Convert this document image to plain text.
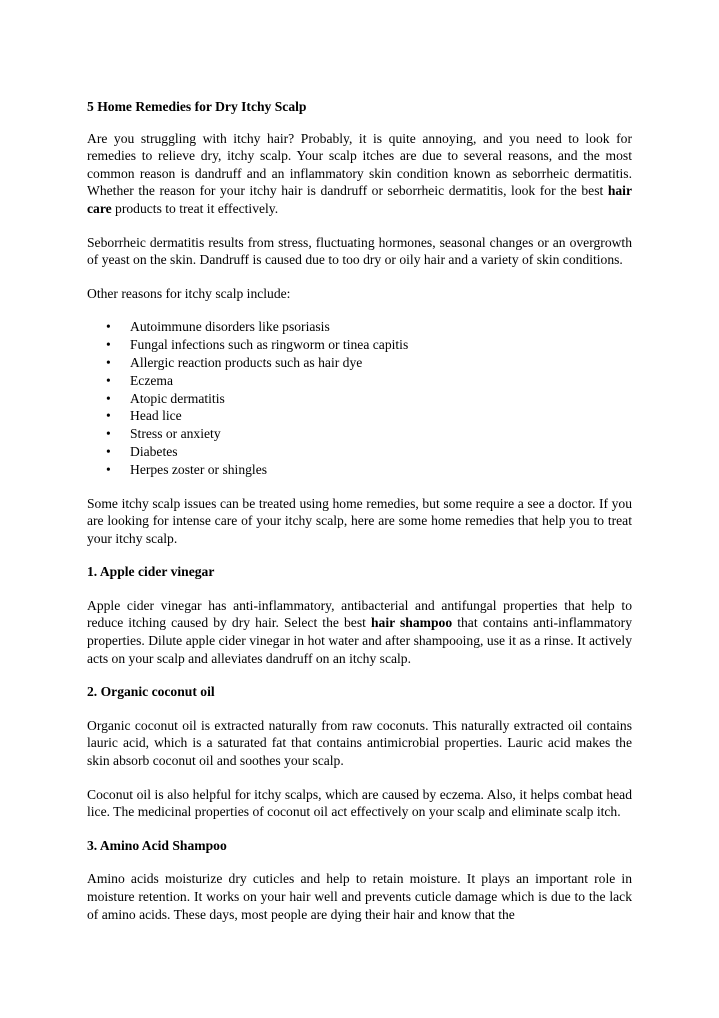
5 Home Remedies for Dry Itchy Scalp

Are you struggling with itchy hair? Probably, it is quite annoying, and you need to look for remedies to relieve dry, itchy scalp. Your scalp itches are due to several reasons, and the most common reason is dandruff and an inflammatory skin condition known as seborrheic dermatitis. Whether the reason for your itchy hair is dandruff or seborrheic dermatitis, look for the best hair care products to treat it effectively.

Seborrheic dermatitis results from stress, fluctuating hormones, seasonal changes or an overgrowth of yeast on the skin. Dandruff is caused due to too dry or oily hair and a variety of skin conditions.

Other reasons for itchy scalp include:

• Autoimmune disorders like psoriasis
• Fungal infections such as ringworm or tinea capitis
• Allergic reaction products such as hair dye
• Eczema
• Atopic dermatitis
• Head lice
• Stress or anxiety
• Diabetes
• Herpes zoster or shingles

Some itchy scalp issues can be treated using home remedies, but some require a see a doctor. If you are looking for intense care of your itchy scalp, here are some home remedies that help you to treat your itchy scalp.

1. Apple cider vinegar

Apple cider vinegar has anti-inflammatory, antibacterial and antifungal properties that help to reduce itching caused by dry hair. Select the best hair shampoo that contains anti-inflammatory properties. Dilute apple cider vinegar in hot water and after shampooing, use it as a rinse. It actively acts on your scalp and alleviates dandruff on an itchy scalp.

2. Organic coconut oil

Organic coconut oil is extracted naturally from raw coconuts. This naturally extracted oil contains lauric acid, which is a saturated fat that contains antimicrobial properties. Lauric acid makes the skin absorb coconut oil and soothes your scalp.

Coconut oil is also helpful for itchy scalps, which are caused by eczema. Also, it helps combat head lice. The medicinal properties of coconut oil act effectively on your scalp and eliminate scalp itch.

3. Amino Acid Shampoo

Amino acids moisturize dry cuticles and help to retain moisture. It plays an important role in moisture retention. It works on your hair well and prevents cuticle damage which is due to the lack of amino acids. These days, most people are dying their hair and know that the
